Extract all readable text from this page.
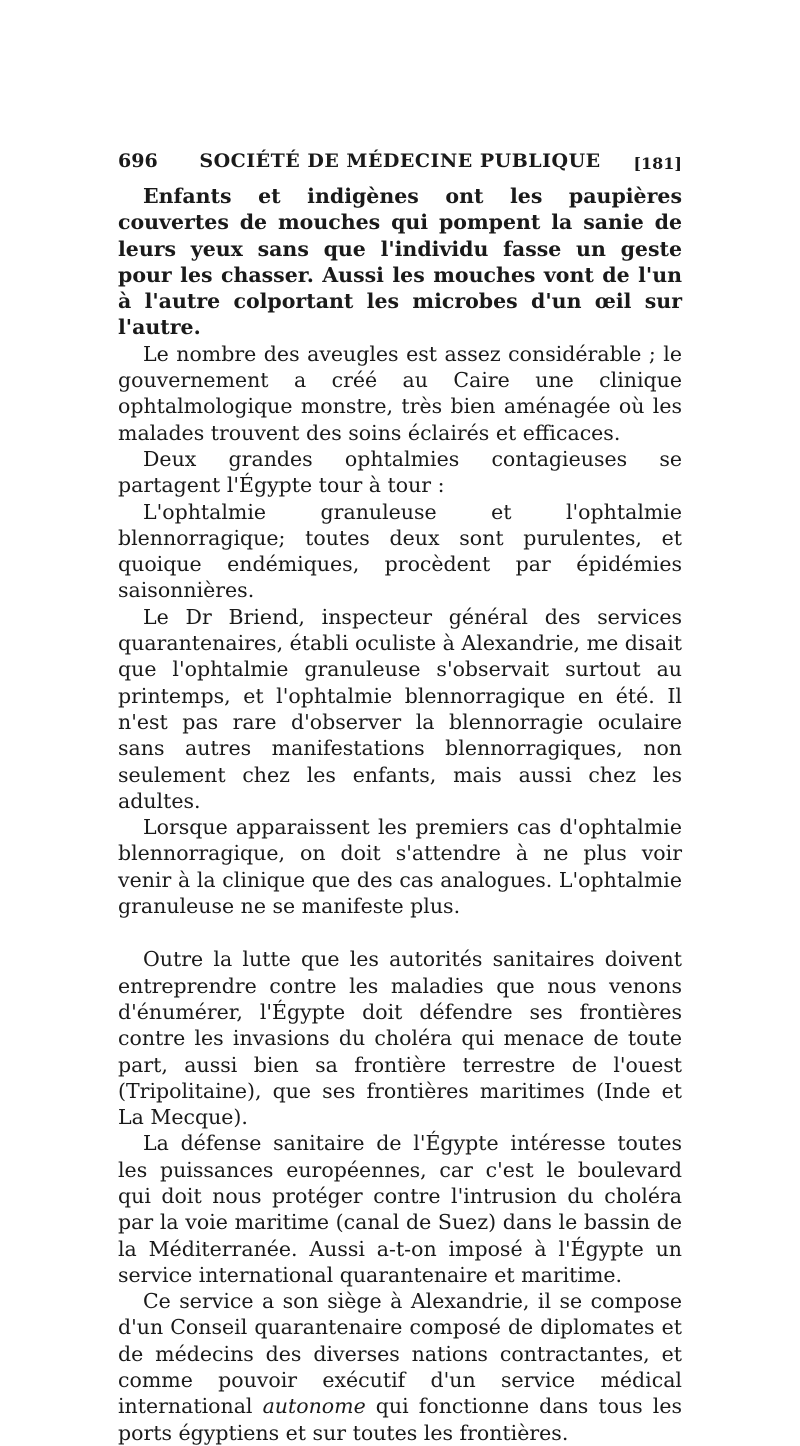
696	SOCIÉTÉ DE MÉDECINE PUBLIQUE	[181]

Enfants et indigènes ont les paupières couvertes de mouches qui pompent la sanie de leurs yeux sans que l'individu fasse un geste pour les chasser. Aussi les mouches vont de l'un à l'autre colportant les microbes d'un œil sur l'autre.

Le nombre des aveugles est assez considérable ; le gouvernement a créé au Caire une clinique ophtalmologique monstre, très bien aménagée où les malades trouvent des soins éclairés et efficaces.

Deux grandes ophtalmies contagieuses se partagent l'Égypte tour à tour :

L'ophtalmie granuleuse et l'ophtalmie blennorragique; toutes deux sont purulentes, et quoique endémiques, procèdent par épidémies saisonnières.

Le Dr Briend, inspecteur général des services quarantenaires, établi oculiste à Alexandrie, me disait que l'ophtalmie granuleuse s'observait surtout au printemps, et l'ophtalmie blennorragique en été. Il n'est pas rare d'observer la blennorragie oculaire sans autres manifestations blennorragiques, non seulement chez les enfants, mais aussi chez les adultes.

Lorsque apparaissent les premiers cas d'ophtalmie blennorragique, on doit s'attendre à ne plus voir venir à la clinique que des cas analogues. L'ophtalmie granuleuse ne se manifeste plus.

Outre la lutte que les autorités sanitaires doivent entreprendre contre les maladies que nous venons d'énumérer, l'Égypte doit défendre ses frontières contre les invasions du choléra qui menace de toute part, aussi bien sa frontière terrestre de l'ouest (Tripolitaine), que ses frontières maritimes (Inde et La Mecque).

La défense sanitaire de l'Égypte intéresse toutes les puissances européennes, car c'est le boulevard qui doit nous protéger contre l'intrusion du choléra par la voie maritime (canal de Suez) dans le bassin de la Méditerranée. Aussi a-t-on imposé à l'Égypte un service international quarantenaire et maritime.

Ce service a son siège à Alexandrie, il se compose d'un Conseil quarantenaire composé de diplomates et de médecins des diverses nations contractantes, et comme pouvoir exécutif d'un service médical international autonome qui fonctionne dans tous les ports égyptiens et sur toutes les frontières.
